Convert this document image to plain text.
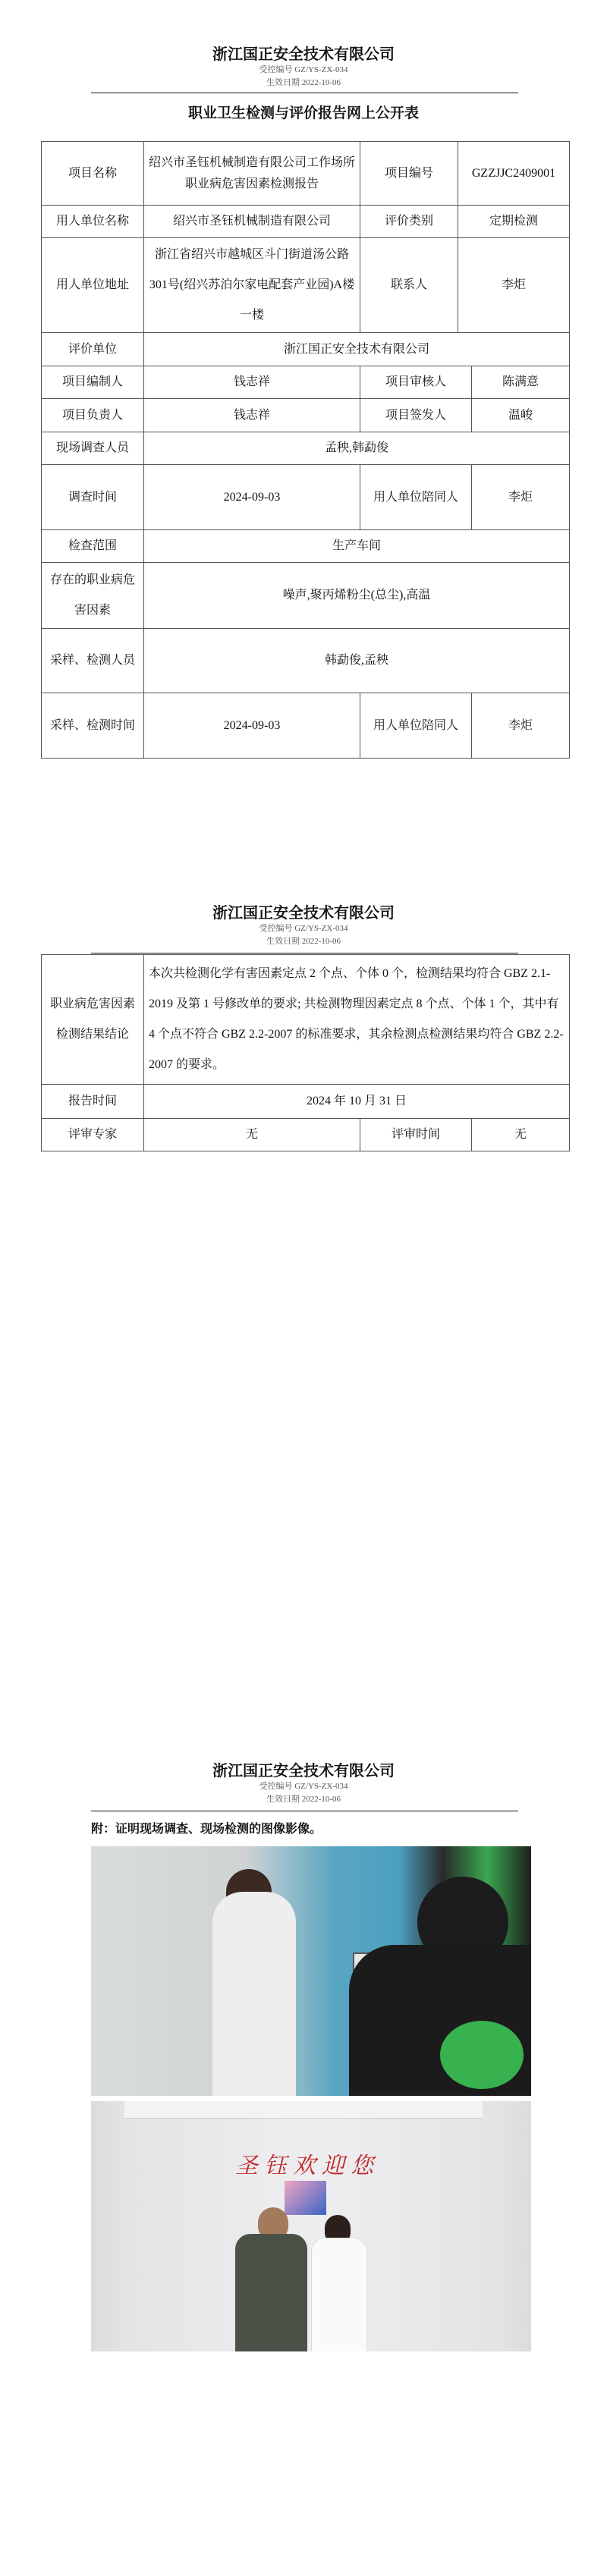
浙江国正安全技术有限公司
受控编号 GZ/YS-ZX-034
生效日期 2022-10-06
职业卫生检测与评价报告网上公开表
项目名称	绍兴市圣钰机械制造有限公司工作场所职业病危害因素检测报告	项目编号	GZZJJC2409001
用人单位名称	绍兴市圣钰机械制造有限公司	评价类别	定期检测
用人单位地址	浙江省绍兴市越城区斗门街道汤公路301号(绍兴苏泊尔家电配套产业园)A楼一楼	联系人	李炬
评价单位	浙江国正安全技术有限公司		
项目编制人	钱志祥	项目审核人	陈满意
项目负责人	钱志祥	项目签发人	温峻
现场调查人员	孟秧,韩勐俊		
调查时间	2024-09-03	用人单位陪同人	李炬
检查范围	生产车间		
存在的职业病危害因素	噪声,聚丙烯粉尘(总尘),高温		
采样、检测人员	韩勐俊,孟秧		
采样、检测时间	2024-09-03	用人单位陪同人	李炬
浙江国正安全技术有限公司
受控编号 GZ/YS-ZX-034
生效日期 2022-10-06
职业病危害因素检测结果结论	本次共检测化学有害因素定点 2 个点、个体 0 个，检测结果均符合 GBZ 2.1-2019 及第 1 号修改单的要求; 共检测物理因素定点 8 个点、个体 1 个，其中有 4 个点不符合 GBZ 2.2-2007 的标准要求，其余检测点检测结果均符合 GBZ 2.2-2007 的要求。		
报告时间	2024 年 10 月 31 日		
评审专家	无	评审时间	无
浙江国正安全技术有限公司
受控编号 GZ/YS-ZX-034
生效日期 2022-10-06
附：证明现场调查、现场检测的图像影像。
圣钰欢迎您
